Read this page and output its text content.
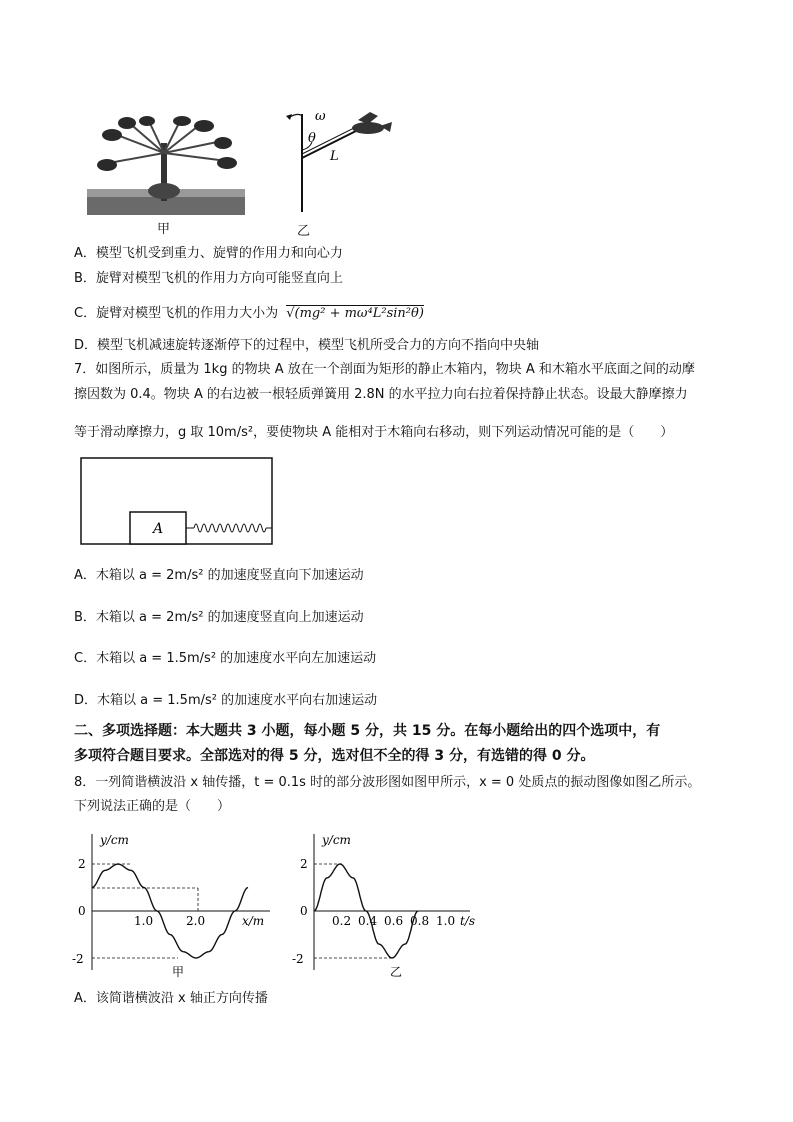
ω
θ
L
甲	乙
A．模型飞机受到重力、旋臂的作用力和向心力
B．旋臂对模型飞机的作用力方向可能竖直向上
C．旋臂对模型飞机的作用力大小为 √(mg² + mω⁴L²sin²θ)
D．模型飞机减速旋转逐渐停下的过程中，模型飞机所受合力的方向不指向中央轴
7．如图所示，质量为 1kg 的物块 A 放在一个剖面为矩形的静止木箱内，物块 A 和木箱水平底面之间的动摩
擦因数为 0.4。物块 A 的右边被一根轻质弹簧用 2.8N 的水平拉力向右拉着保持静止状态。设最大静摩擦力
等于滑动摩擦力，g 取 10m/s²，要使物块 A 能相对于木箱向右移动，则下列运动情况可能的是（　　）
A
A．木箱以 a = 2m/s² 的加速度竖直向下加速运动
B．木箱以 a = 2m/s² 的加速度竖直向上加速运动
C．木箱以 a = 1.5m/s² 的加速度水平向左加速运动
D．木箱以 a = 1.5m/s² 的加速度水平向右加速运动
二、多项选择题：本大题共 3 小题，每小题 5 分，共 15 分。在每小题给出的四个选项中，有
多项符合题目要求。全部选对的得 5 分，选对但不全的得 3 分，有选错的得 0 分。
8．一列简谐横波沿 x 轴传播，t = 0.1s 时的部分波形图如图甲所示，x = 0 处质点的振动图像如图乙所示。
下列说法正确的是（　　）
y/cm
x/m
2
0
-2
1.0	2.0
甲
y/cm
t/s
2
0
-2
0.2 0.4 0.6 0.8 1.0
乙
A．该简谐横波沿 x 轴正方向传播
